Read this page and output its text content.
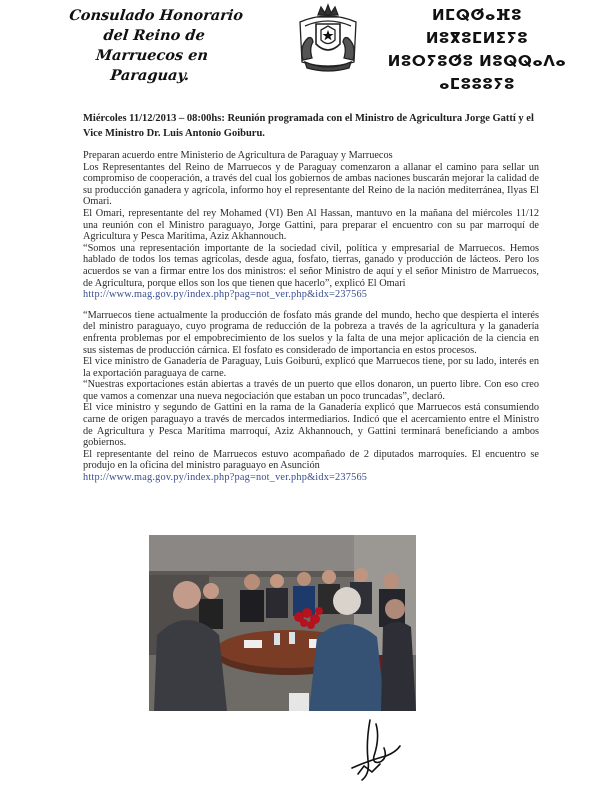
Consulado Honorario
del Reino de Marruecos en
Paraguay.
ⵍⵎⵕⵚⴰⴼⵓ ⵍⵓⴳⵓⵎⵍⵉⵢⵓ
ⵍⵓⵔⵢⵓⵚⵓ ⵍⵓⵕⵕⴰⴷⴰ
ⴰⵎⵓⵓⵓⵢⵓ
Miércoles 11/12/2013 – 08:00hs: Reunión programada con el Ministro de Agricultura Jorge Gattí y el Vice Ministro Dr. Luis Antonio Goiburu.

Preparan acuerdo entre Ministerio de Agricultura de Paraguay y Marruecos

Los Representantes del Reino de Marruecos y de Paraguay comenzaron a allanar el camino para sellar un compromiso de cooperación, a través del cual los gobiernos de ambas naciones buscarán mejorar la calidad de su producción ganadera y agrícola, informo hoy el representante del Reino de la nación mediterránea, Ilyas El Omari.

El Omari, representante del rey Mohamed (VI) Ben Al Hassan, mantuvo en la mañana del miércoles 11/12 una reunión con el Ministro paraguayo, Jorge Gattini, para preparar el encuentro con su par marroquí de Agricultura y Pesca Marítima, Aziz Akhannouch.

“Somos una representación importante de la sociedad civil, política y empresarial de Marruecos. Hemos hablado de todos los temas agrícolas, desde agua, fosfato, tierras, ganado y producción de lácteos. Pero los acuerdos se van a firmar entre los dos ministros: el señor Ministro de aquí y el señor Ministro de Marruecos, de Agricultura, porque ellos son los que tienen que hacerlo”, explicó El Omari

http://www.mag.gov.py/index.php?pag=not_ver.php&idx=237565

“Marruecos tiene actualmente la producción de fosfato más grande del mundo, hecho que despierta el interés del ministro paraguayo, cuyo programa de reducción de la pobreza a través de la agricultura y la ganadería enfrenta problemas por el empobrecimiento de los suelos y la falta de una mejor aplicación de la ciencia en sus sistemas de producción cárnica. El fosfato es considerado de importancia en estos procesos.

El vice ministro de Ganadería de Paraguay, Luis Goiburú, explicó que Marruecos tiene, por su lado, interés en la exportación paraguaya de carne.

“Nuestras exportaciones están abiertas a través de un puerto que ellos donaron, un puerto libre. Con eso creo que vamos a comenzar una nueva negociación que estaban un poco truncadas”, declaró.

El vice ministro y segundo de Gattini en la rama de la Ganadería explicó que Marruecos está consumiendo carne de origen paraguayo a través de mercados intermediarios. Indicó que el acercamiento entre el Ministro de Agricultura y Pesca Marítima marroquí, Aziz Akhannouch, y Gattini terminará beneficiando a ambos gobiernos.

El representante del reino de Marruecos estuvo acompañado de 2 diputados marroquíes. El encuentro se produjo en la oficina del ministro paraguayo en Asunción

http://www.mag.gov.py/index.php?pag=not_ver.php&idx=237565
